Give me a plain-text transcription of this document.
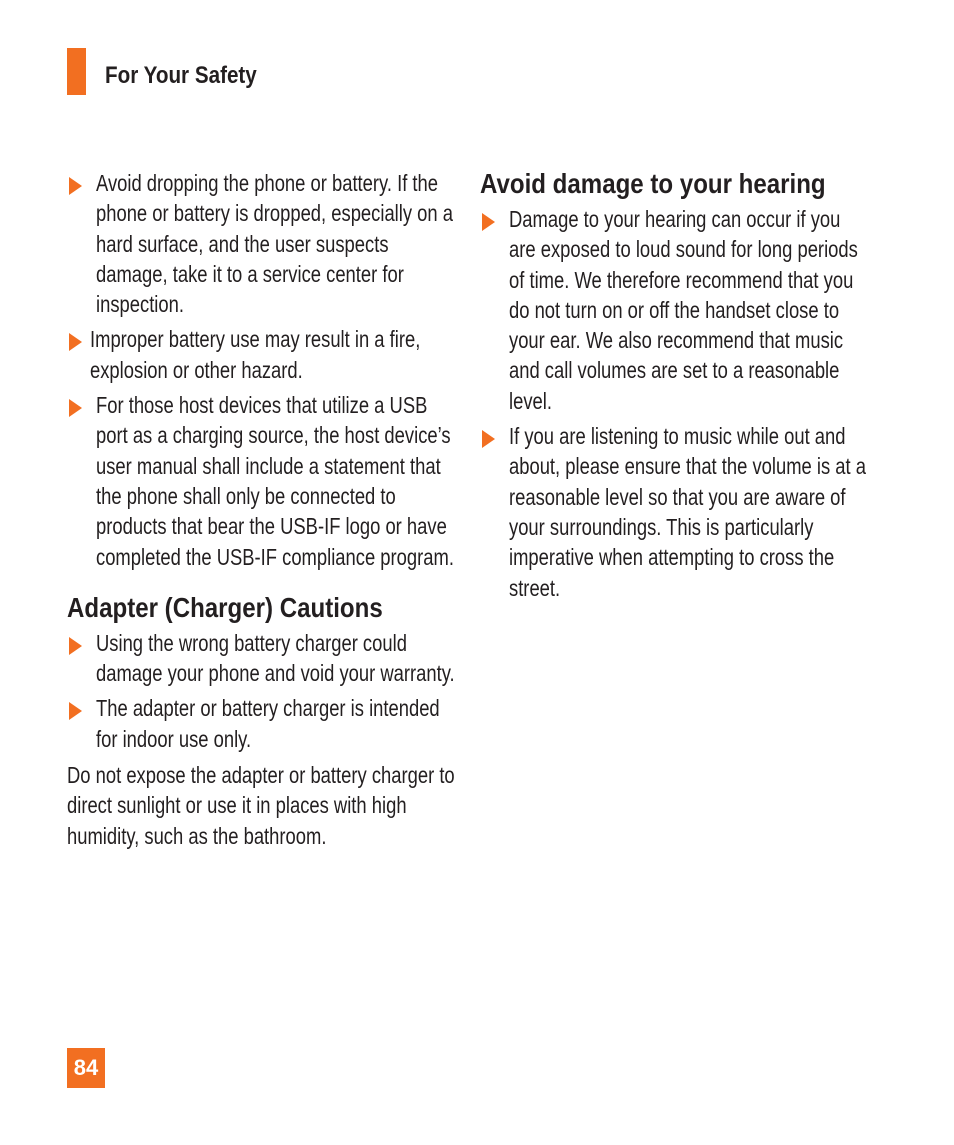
For Your Safety
Avoid dropping the phone or battery. If the phone or battery is dropped, especially on a hard surface, and the user suspects damage, take it to a service center for inspection.
Improper battery use may result in a fire, explosion or other hazard.
For those host devices that utilize a USB port as a charging source, the host device’s user manual shall include a statement that the phone shall only be connected to products that bear the USB-IF logo or have completed the USB-IF compliance program.
Adapter (Charger) Cautions
Using the wrong battery charger could damage your phone and void your warranty.
The adapter or battery charger is intended for indoor use only.
Do not expose the adapter or battery charger to direct sunlight or use it in places with high humidity, such as the bathroom.
Avoid damage to your hearing
Damage to your hearing can occur if you are exposed to loud sound for long periods of time. We therefore recommend that you do not turn on or off the handset close to your ear. We also recommend that music and call volumes are set to a reasonable level.
If you are listening to music while out and about, please ensure that the volume is at a reasonable level so that you are aware of your surroundings. This is particularly imperative when attempting to cross the street.
84
